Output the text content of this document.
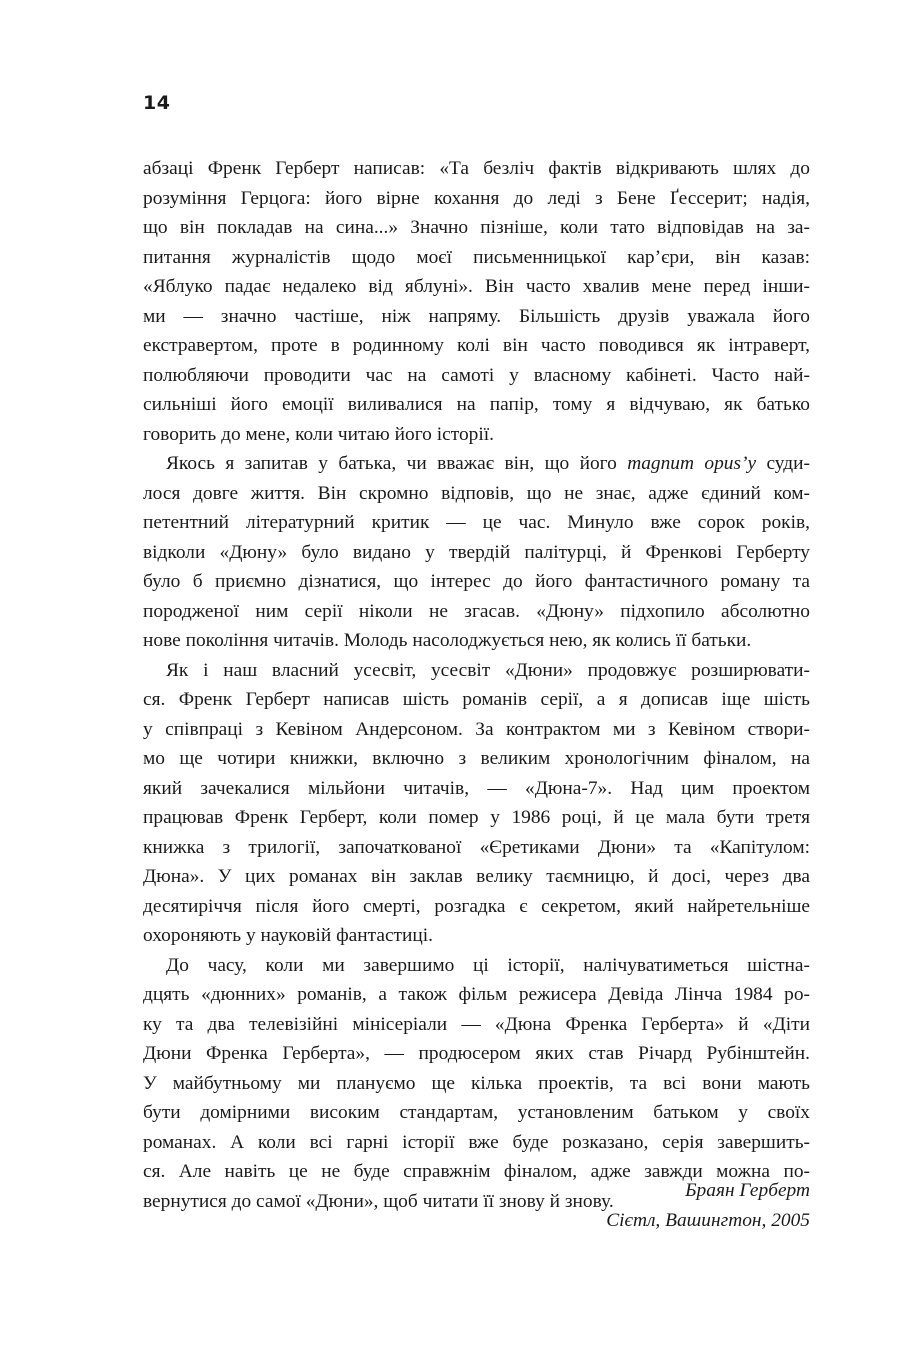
14
абзаці Френк Герберт написав: «Та безліч фактів відкривають шлях до
розуміння Герцога: його вірне кохання до леді з Бене Ґессерит; надія,
що він покладав на сина...» Значно пізніше, коли тато відповідав на за-
питання журналістів щодо моєї письменницької кар’єри, він казав:
«Яблуко падає недалеко від яблуні». Він часто хвалив мене перед інши-
ми — значно частіше, ніж напряму. Більшість друзів уважала його
екстравертом, проте в родинному колі він часто поводився як інтраверт,
полюбляючи проводити час на самоті у власному кабінеті. Часто най-
сильніші його емоції виливалися на папір, тому я відчуваю, як батько
говорить до мене, коли читаю його історії.
Якось я запитав у батька, чи вважає він, що його magnum opus’у суди-
лося довге життя. Він скромно відповів, що не знає, адже єдиний ком-
петентний літературний критик — це час. Минуло вже сорок років,
відколи «Дюну» було видано у твердій палітурці, й Френкові Герберту
було б приємно дізнатися, що інтерес до його фантастичного роману та
породженої ним серії ніколи не згасав. «Дюну» підхопило абсолютно
нове покоління читачів. Молодь насолоджується нею, як колись її батьки.
Як і наш власний усесвіт, усесвіт «Дюни» продовжує розширювати-
ся. Френк Герберт написав шість романів серії, а я дописав іще шість
у співпраці з Кевіном Андерсоном. За контрактом ми з Кевіном створи-
мо ще чотири книжки, включно з великим хронологічним фіналом, на
який зачекалися мільйони читачів, — «Дюна-7». Над цим проектом
працював Френк Герберт, коли помер у 1986 році, й це мала бути третя
книжка з трилогії, започаткованої «Єретиками Дюни» та «Капітулом:
Дюна». У цих романах він заклав велику таємницю, й досі, через два
десятиріччя після його смерті, розгадка є секретом, який найретельніше
охороняють у науковій фантастиці.
До часу, коли ми завершимо ці історії, налічуватиметься шістна-
дцять «дюнних» романів, а також фільм режисера Девіда Лінча 1984 ро-
ку та два телевізійні мінісеріали — «Дюна Френка Герберта» й «Діти
Дюни Френка Герберта», — продюсером яких став Річард Рубінштейн.
У майбутньому ми плануємо ще кілька проектів, та всі вони мають
бути домірними високим стандартам, установленим батьком у своїх
романах. А коли всі гарні історії вже буде розказано, серія завершить-
ся. Але навіть це не буде справжнім фіналом, адже завжди можна по-
вернутися до самої «Дюни», щоб читати її знову й знову.	Браян Герберт
Сієтл, Вашингтон, 2005
